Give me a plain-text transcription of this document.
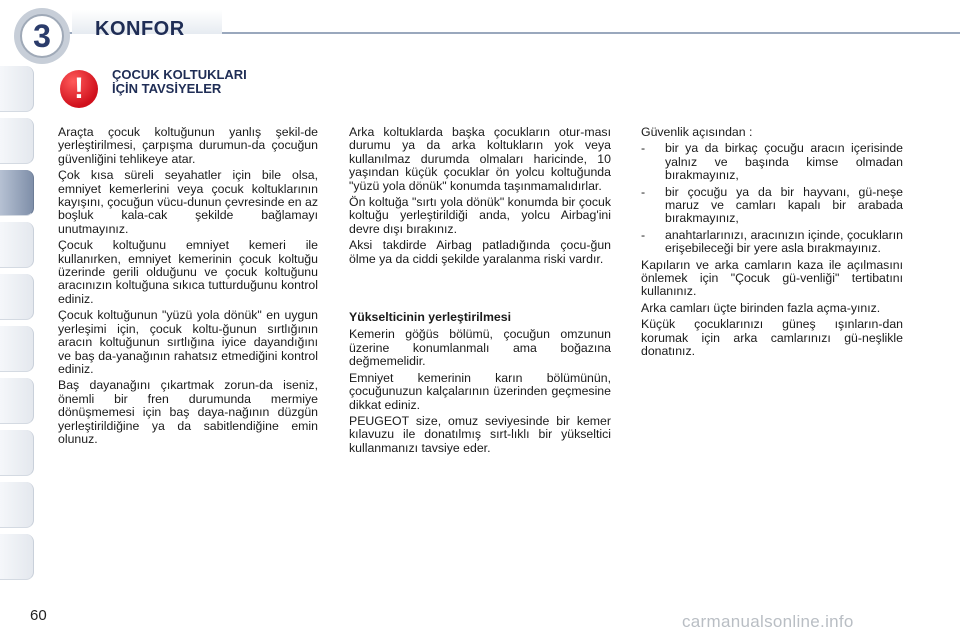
3	KONFOR
!	ÇOCUK KOLTUKLARI
İÇİN TAVSİYELER

Araçta çocuk koltuğunun yanlış şekil-de yerleştirilmesi, çarpışma durumun-da çocuğun güvenliğini tehlikeye atar.

Çok kısa süreli seyahatler için bile olsa, emniyet kemerlerini veya çocuk koltuklarının kayışını, çocuğun vücu-dunun çevresinde en az boşluk kala-cak şekilde bağlamayı unutmayınız.

Çocuk koltuğunu emniyet kemeri ile kullanırken, emniyet kemerinin çocuk koltuğu üzerinde gerili olduğunu ve çocuk koltuğunu aracınızın koltuğuna sıkıca tutturduğunu kontrol ediniz.

Çocuk koltuğunun "yüzü yola dönük" en uygun yerleşimi için, çocuk koltu-ğunun sırtlığının aracın koltuğunun sırtlığına iyice dayandığını ve baş da-yanağının rahatsız etmediğini kontrol ediniz.

Baş dayanağını çıkartmak zorun-da iseniz, önemli bir fren durumunda mermiye dönüşmemesi için baş daya-nağının düzgün yerleştirildiğine ya da sabitlendiğine emin olunuz.

Arka koltuklarda başka çocukların otur-ması durumu ya da arka koltukların yok veya kullanılmaz durumda olmaları haricinde, 10 yaşından küçük çocuklar ön yolcu koltuğunda "yüzü yola dönük" konumda taşınmamalıdırlar.

Ön koltuğa "sırtı yola dönük" konumda bir çocuk koltuğu yerleştirildiği anda, yolcu Airbag'ini devre dışı bırakınız.

Aksi takdirde Airbag patladığında çocu-ğun ölme ya da ciddi şekilde yaralanma riski vardır.

Yükselticinin yerleştirilmesi

Kemerin göğüs bölümü, çocuğun omzunun üzerine konumlanmalı ama boğazına değmemelidir.

Emniyet kemerinin karın bölümünün, çocuğunuzun kalçalarının üzerinden geçmesine dikkat ediniz.

PEUGEOT size, omuz seviyesinde bir kemer kılavuzu ile donatılmış sırt-lıklı bir yükseltici kullanmanızı tavsiye eder.

Güvenlik açısından :

-	bir ya da birkaç çocuğu aracın içerisinde yalnız ve başında kimse olmadan bırakmayınız,
-	bir çocuğu ya da bir hayvanı, gü-neşe maruz ve camları kapalı bir arabada bırakmayınız,
-	anahtarlarınızı, aracınızın içinde, çocukların erişebileceği bir yere asla bırakmayınız.

Kapıların ve arka camların kaza ile açılmasını önlemek için "Çocuk gü-venliği" tertibatını kullanınız.

Arka camları üçte birinden fazla açma-yınız.

Küçük çocuklarınızı güneş ışınların-dan korumak için arka camlarınızı gü-neşlikle donatınız.

60	carmanualsonline.info
